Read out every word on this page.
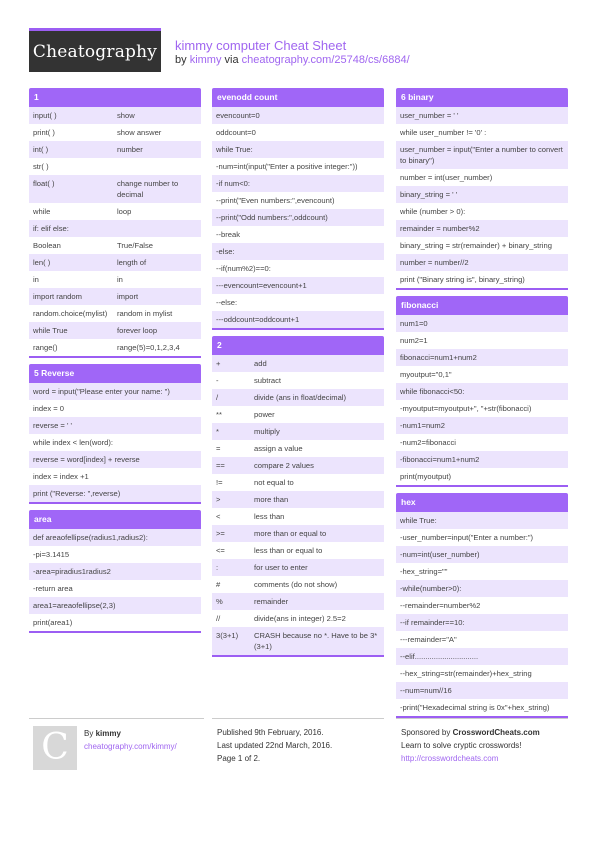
Cheatography	kimmy computer Cheat Sheet
by kimmy via cheatography.com/25748/cs/6884/
1
input( )	show
print( )	show answer
int( )	number
str( )
float( )	change number to decimal
while	loop
if: elif else:
Boolean	True/False
len( )	length of
in	in
import random	import
random.choice(mylist)	random in mylist
while True	forever loop
range()	range(5)=0,1,2,3,4
5 Reverse
word = input("Please enter your name: ")
index = 0
reverse = ' '
while index < len(word):
reverse = word[index] + reverse
index = index +1
print ("Reverse: ",reverse)
area
def areaofellipse(radius1,radius2):
-pi=3.1415
-area=piradius1radius2
-return area
area1=areaofellipse(2,3)
print(area1)
evenodd count
evencount=0
oddcount=0
while True:
-num=int(input("Enter a positive integer:"))
-if num<0:
--print("Even numbers:",evencount)
--print("Odd numbers:",oddcount)
--break
-else:
--if(num%2)==0:
---evencount=evencount+1
--else:
---oddcount=oddcount+1
2
+	add
-	subtract
/	divide (ans in float/decimal)
**	power
*	multiply
=	assign a value
==	compare 2 values
!=	not equal to
>	more than
<	less than
>=	more than or equal to
<=	less than or equal to
:	for user to enter
#	comments (do not show)
%	remainder
//	divide(ans in integer) 2.5=2
3(3+1)	CRASH because no *. Have to be 3*(3+1)
6 binary
user_number = ' '
while user_number != '0' :
user_number = input("Enter a number to convert to binary")
number = int(user_number)
binary_string = ' '
while (number > 0):
remainder = number%2
binary_string = str(remainder) + binary_string
number = number//2
print ("Binary string is", binary_string)
fibonacci
num1=0
num2=1
fibonacci=num1+num2
myoutput="0,1"
while fibonacci<50:
-myoutput=myoutput+", "+str(fibonacci)
-num1=num2
-num2=fibonacci
-fibonacci=num1+num2
print(myoutput)
hex
while True:
-user_number=input("Enter a number:")
-num=int(user_number)
-hex_string=""
-while(number>0):
--remainder=number%2
--if remainder==10:
---remainder="A"
--elif..............................
--hex_string=str(remainder)+hex_string
--num=num//16
-print("Hexadecimal string is 0x"+hex_string)
C	By kimmy
cheatography.com/kimmy/
Published 9th February, 2016.
Last updated 22nd March, 2016.
Page 1 of 2.
Sponsored by CrosswordCheats.com
Learn to solve cryptic crosswords!
http://crosswordcheats.com
